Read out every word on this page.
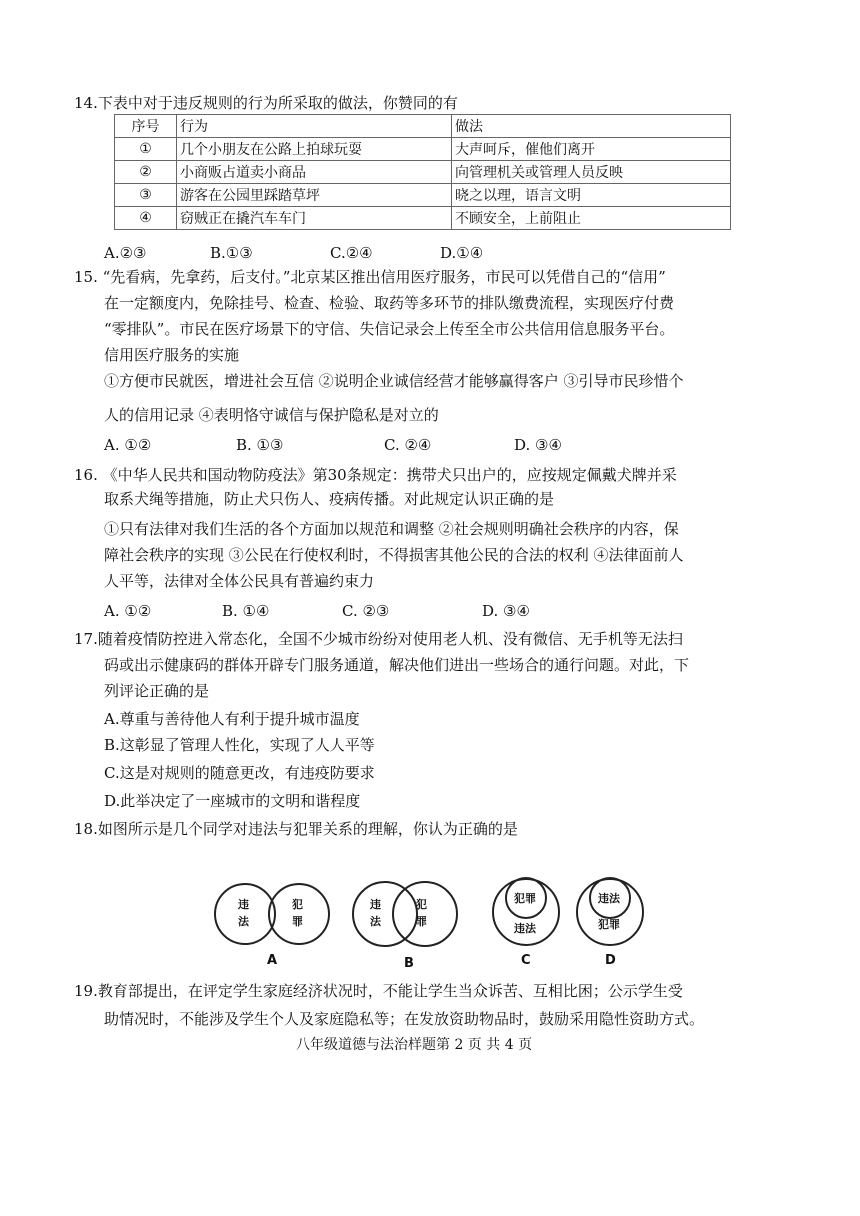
14.下表中对于违反规则的行为所采取的做法，你赞同的有
序号	行为	做法
①	几个小朋友在公路上拍球玩耍	大声呵斥，催他们离开
②	小商贩占道卖小商品	向管理机关或管理人员反映
③	游客在公园里踩踏草坪	晓之以理，语言文明
④	窃贼正在撬汽车车门	不顾安全，上前阻止
A.②③	B.①③	C.②④	D.①④
15. “先看病，先拿药，后支付。”北京某区推出信用医疗服务，市民可以凭借自己的“信用”
在一定额度内，免除挂号、检查、检验、取药等多环节的排队缴费流程，实现医疗付费
“零排队”。市民在医疗场景下的守信、失信记录会上传至全市公共信用信息服务平台。
信用医疗服务的实施
①方便市民就医，增进社会互信 ②说明企业诚信经营才能够赢得客户 ③引导市民珍惜个
人的信用记录 ④表明恪守诚信与保护隐私是对立的
A. ①②	B. ①③	C. ②④	D. ③④
16. 《中华人民共和国动物防疫法》第30条规定：携带犬只出户的，应按规定佩戴犬牌并采
取系犬绳等措施，防止犬只伤人、疫病传播。对此规定认识正确的是
①只有法律对我们生活的各个方面加以规范和调整 ②社会规则明确社会秩序的内容，保
障社会秩序的实现 ③公民在行使权利时，不得损害其他公民的合法的权利 ④法律面前人
人平等，法律对全体公民具有普遍约束力
A. ①②	B. ①④	C. ②③	D. ③④
17.随着疫情防控进入常态化，全国不少城市纷纷对使用老人机、没有微信、无手机等无法扫
码或出示健康码的群体开辟专门服务通道，解决他们进出一些场合的通行问题。对此，下
列评论正确的是
A.尊重与善待他人有利于提升城市温度
B.这彰显了管理人性化，实现了人人平等
C.这是对规则的随意更改，有违疫防要求
D.此举决定了一座城市的文明和谐程度
18.如图所示是几个同学对违法与犯罪关系的理解，你认为正确的是
违
法
犯
罪
违
法
犯
罪
犯罪
违法
违法
犯罪
A	B	C	D
19.教育部提出，在评定学生家庭经济状况时，不能让学生当众诉苦、互相比困；公示学生受
助情况时，不能涉及学生个人及家庭隐私等；在发放资助物品时，鼓励采用隐性资助方式。
八年级道德与法治样题第 2 页 共 4 页
